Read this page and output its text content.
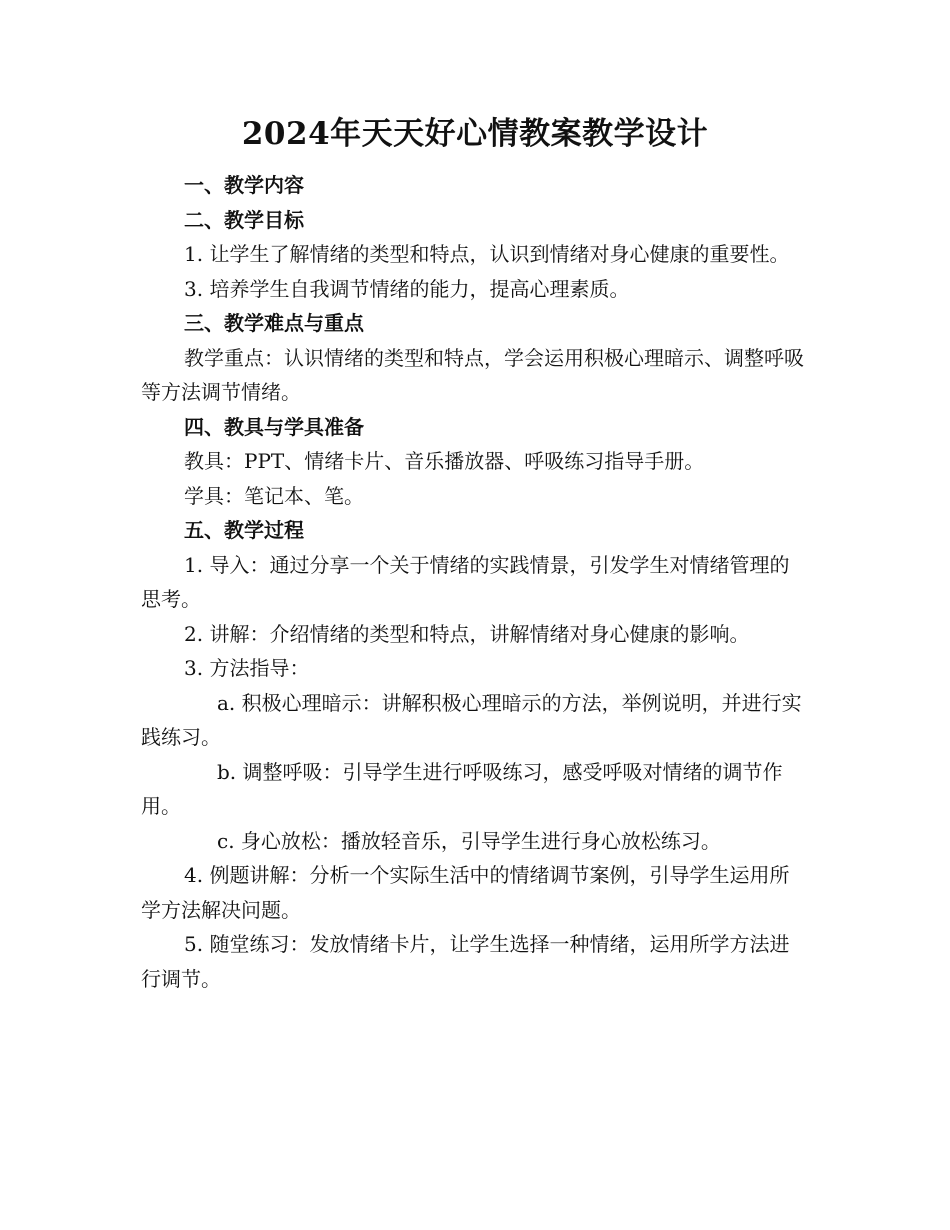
2024年天天好心情教案教学设计

一、教学内容

二、教学目标

1. 让学生了解情绪的类型和特点，认识到情绪对身心健康的重要性。

3. 培养学生自我调节情绪的能力，提高心理素质。

三、教学难点与重点

教学重点：认识情绪的类型和特点，学会运用积极心理暗示、调整呼吸等方法调节情绪。

四、教具与学具准备

教具：PPT、情绪卡片、音乐播放器、呼吸练习指导手册。

学具：笔记本、笔。

五、教学过程

1. 导入：通过分享一个关于情绪的实践情景，引发学生对情绪管理的思考。

2. 讲解：介绍情绪的类型和特点，讲解情绪对身心健康的影响。

3. 方法指导：

a. 积极心理暗示：讲解积极心理暗示的方法，举例说明，并进行实践练习。

b. 调整呼吸：引导学生进行呼吸练习，感受呼吸对情绪的调节作用。

c. 身心放松：播放轻音乐，引导学生进行身心放松练习。

4. 例题讲解：分析一个实际生活中的情绪调节案例，引导学生运用所学方法解决问题。

5. 随堂练习：发放情绪卡片，让学生选择一种情绪，运用所学方法进行调节。
